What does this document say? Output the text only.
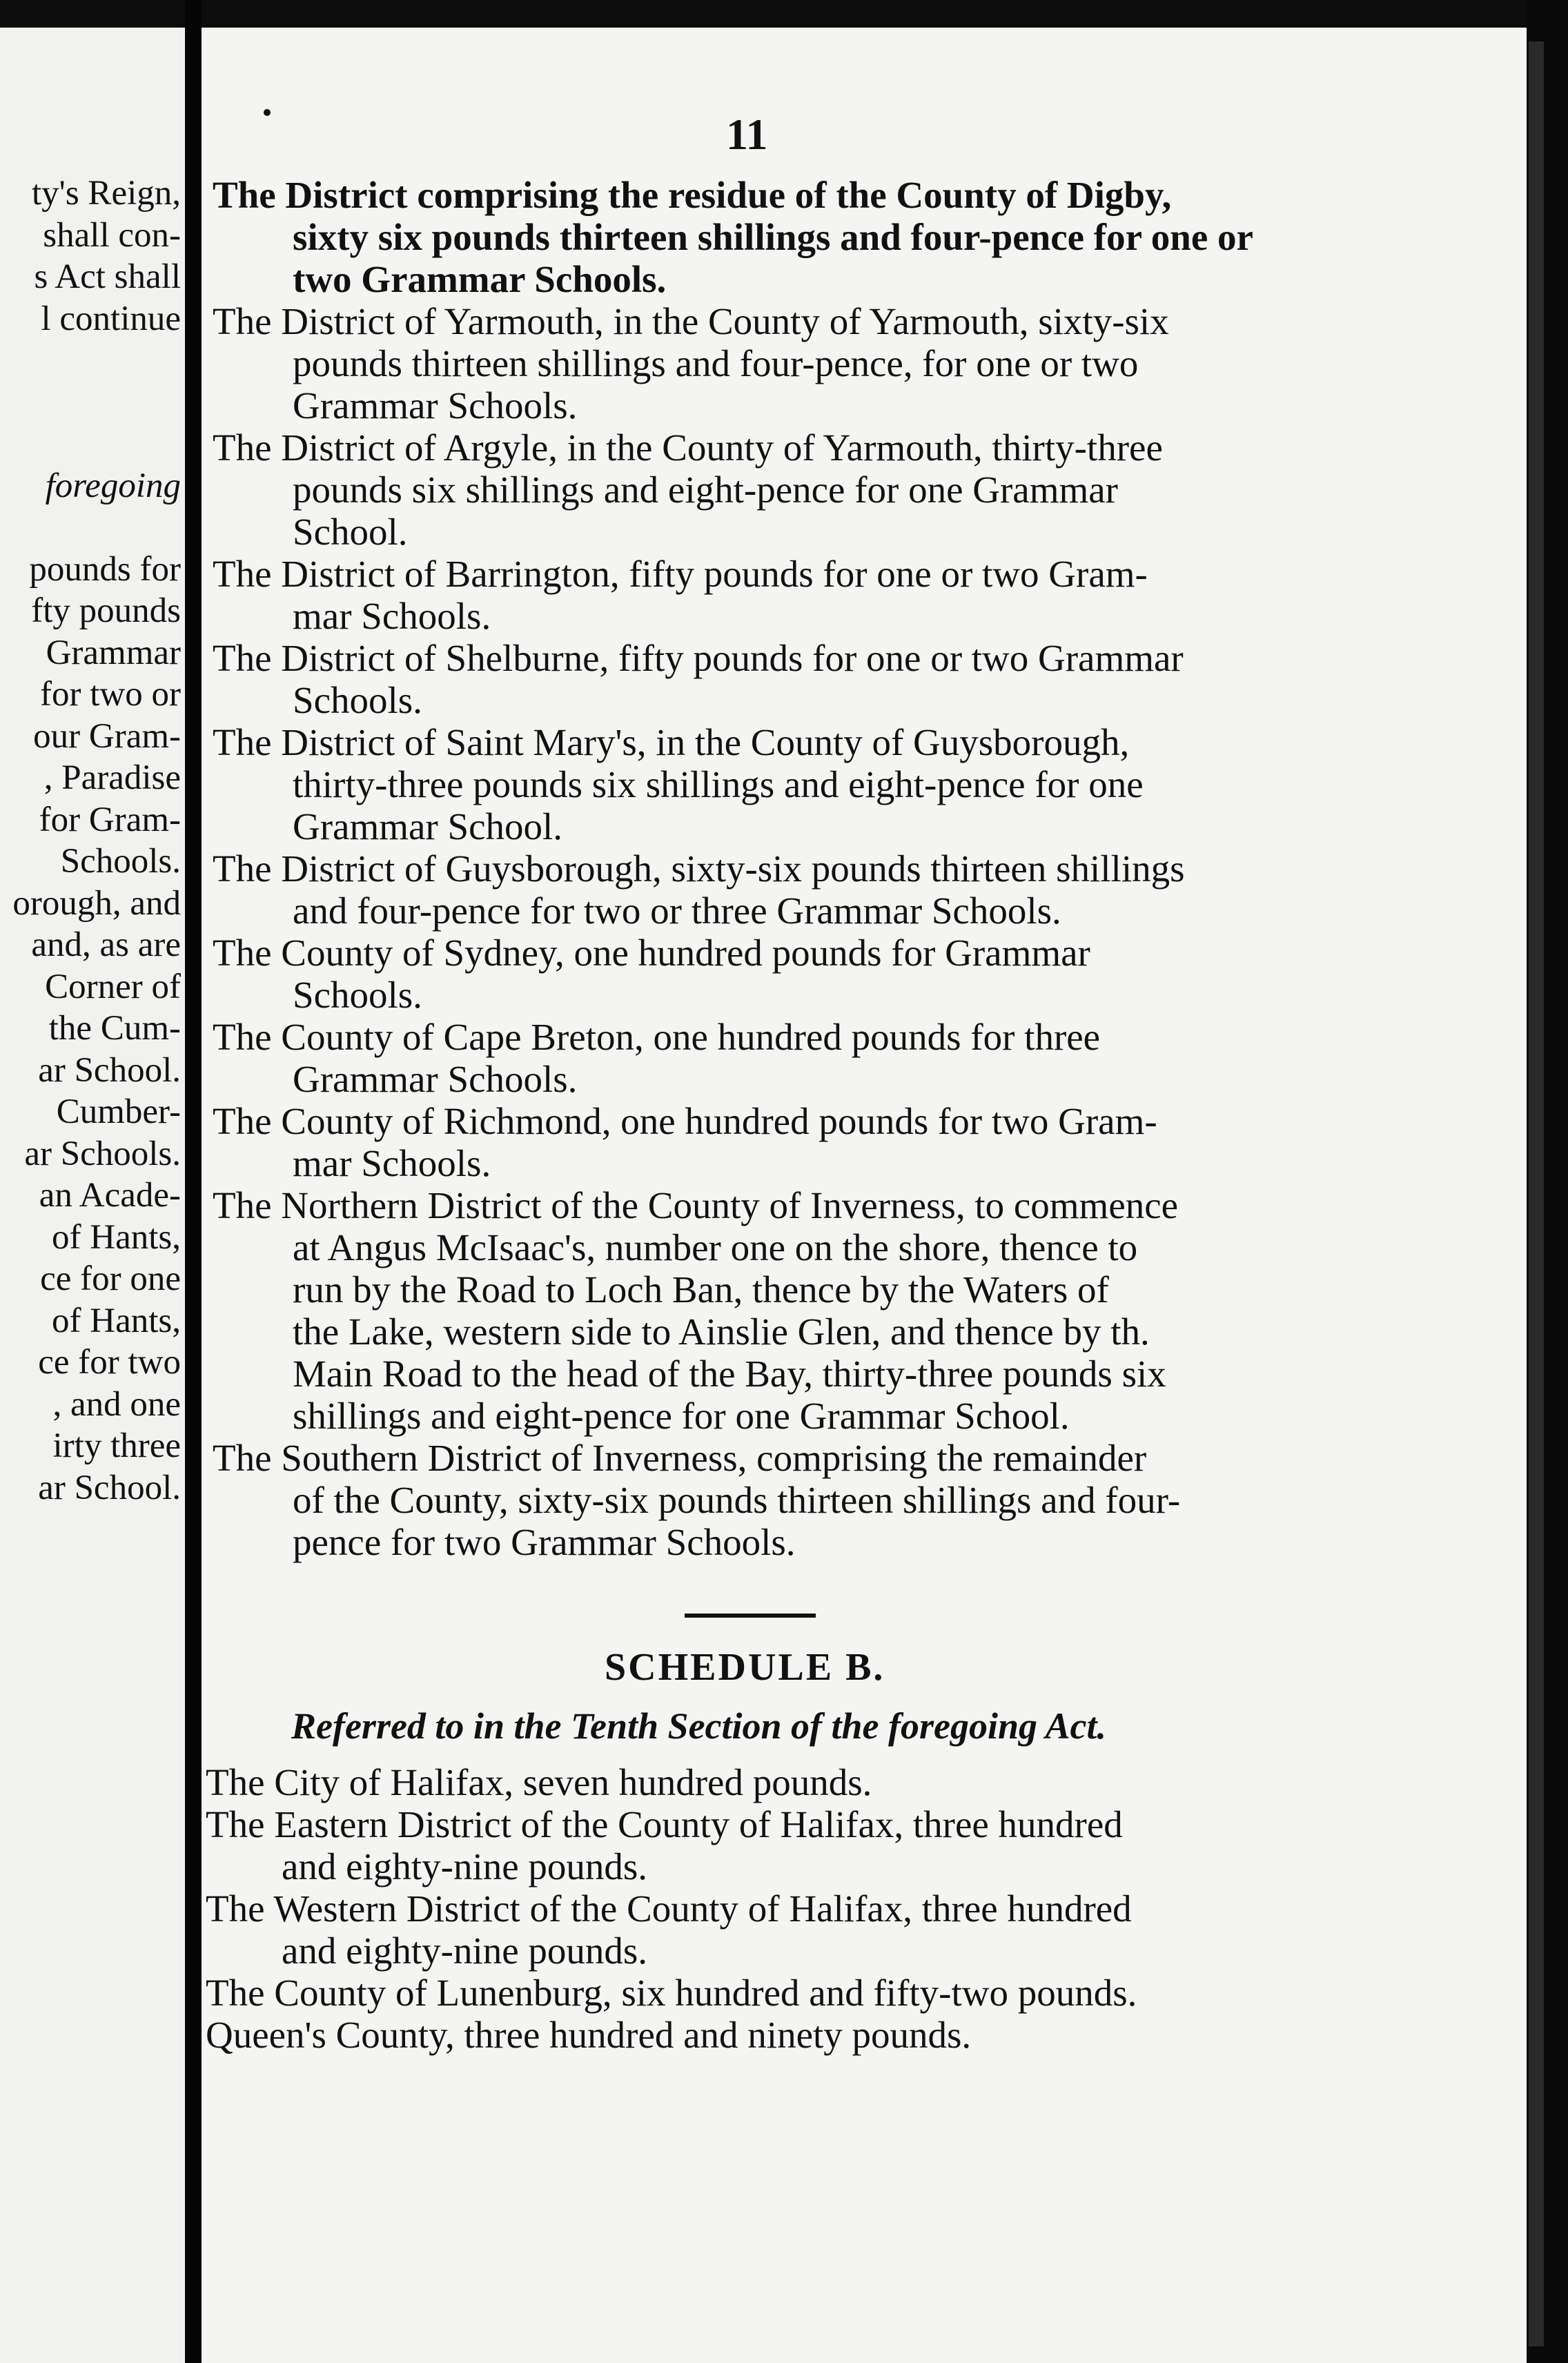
ty's Reign,
shall con-
s Act shall
l continue
foregoing
pounds for
fty pounds
Grammar
for two or
our Gram-
, Paradise
for Gram-
Schools.
orough, and
and, as are
Corner of
the Cum-
ar School.
Cumber-
ar Schools.
an Acade-
of Hants,
ce for one
of Hants,
ce for two
, and one
irty three
ar School.
11
The District comprising the residue of the County of Digby,
sixty six pounds thirteen shillings and four-pence for one or
two Grammar Schools.
The District of Yarmouth, in the County of Yarmouth, sixty-six
pounds thirteen shillings and four-pence, for one or two
Grammar Schools.
The District of Argyle, in the County of Yarmouth, thirty-three
pounds six shillings and eight-pence for one Grammar
School.
The District of Barrington, fifty pounds for one or two Gram-
mar Schools.
The District of Shelburne, fifty pounds for one or two Grammar
Schools.
The District of Saint Mary's, in the County of Guysborough,
thirty-three pounds six shillings and eight-pence for one
Grammar School.
The District of Guysborough, sixty-six pounds thirteen shillings
and four-pence for two or three Grammar Schools.
The County of Sydney, one hundred pounds for Grammar
Schools.
The County of Cape Breton, one hundred pounds for three
Grammar Schools.
The County of Richmond, one hundred pounds for two Gram-
mar Schools.
The Northern District of the County of Inverness, to commence
at Angus McIsaac's, number one on the shore, thence to
run by the Road to Loch Ban, thence by the Waters of
the Lake, western side to Ainslie Glen, and thence by th.
Main Road to the head of the Bay, thirty-three pounds six
shillings and eight-pence for one Grammar School.
The Southern District of Inverness, comprising the remainder
of the County, sixty-six pounds thirteen shillings and four-
pence for two Grammar Schools.
SCHEDULE B.
Referred to in the Tenth Section of the foregoing Act.
The City of Halifax, seven hundred pounds.
The Eastern District of the County of Halifax, three hundred
and eighty-nine pounds.
The Western District of the County of Halifax, three hundred
and eighty-nine pounds.
The County of Lunenburg, six hundred and fifty-two pounds.
Queen's County, three hundred and ninety pounds.
